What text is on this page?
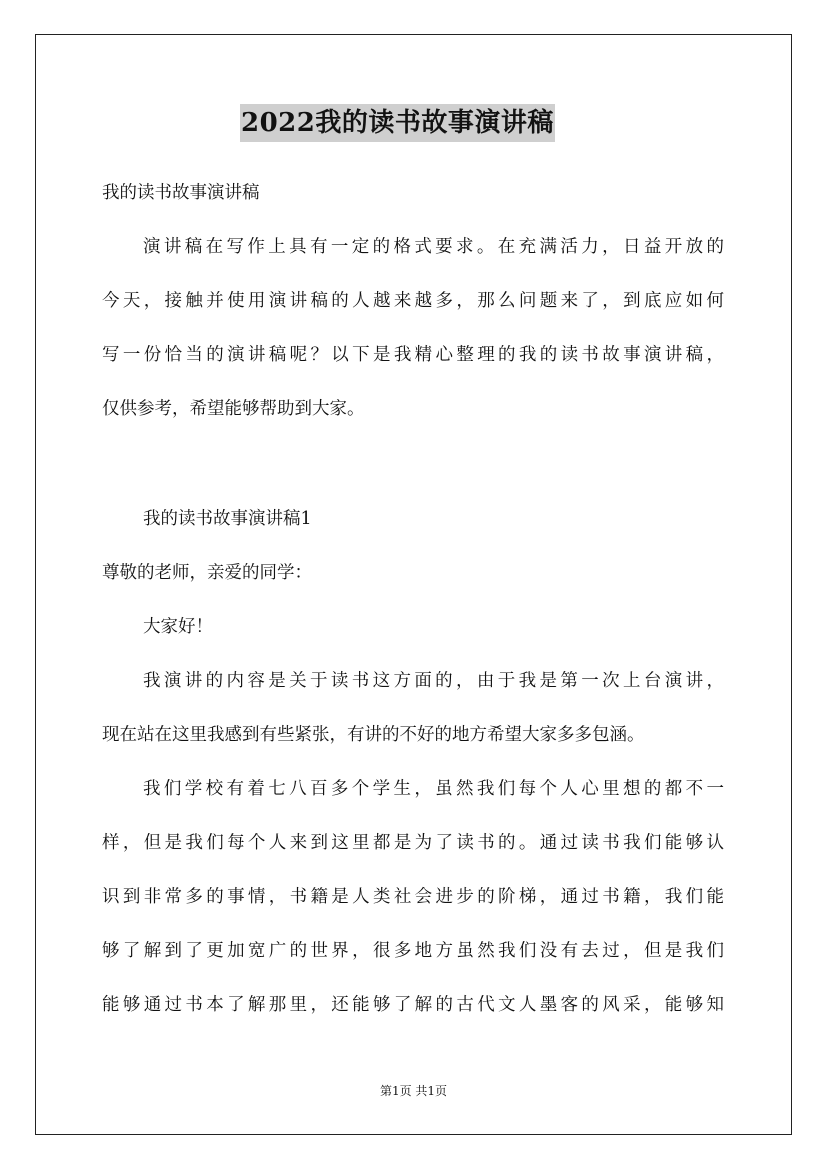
2022我的读书故事演讲稿
我的读书故事演讲稿
演讲稿在写作上具有一定的格式要求。在充满活力，日益开放的
今天，接触并使用演讲稿的人越来越多，那么问题来了，到底应如何
写一份恰当的演讲稿呢？以下是我精心整理的我的读书故事演讲稿，
仅供参考，希望能够帮助到大家。
我的读书故事演讲稿1
尊敬的老师，亲爱的同学：
大家好！
我演讲的内容是关于读书这方面的，由于我是第一次上台演讲，
现在站在这里我感到有些紧张，有讲的不好的地方希望大家多多包涵。
我们学校有着七八百多个学生，虽然我们每个人心里想的都不一
样，但是我们每个人来到这里都是为了读书的。通过读书我们能够认
识到非常多的事情，书籍是人类社会进步的阶梯，通过书籍，我们能
够了解到了更加宽广的世界，很多地方虽然我们没有去过，但是我们
能够通过书本了解那里，还能够了解的古代文人墨客的风采，能够知
第1页 共1页
